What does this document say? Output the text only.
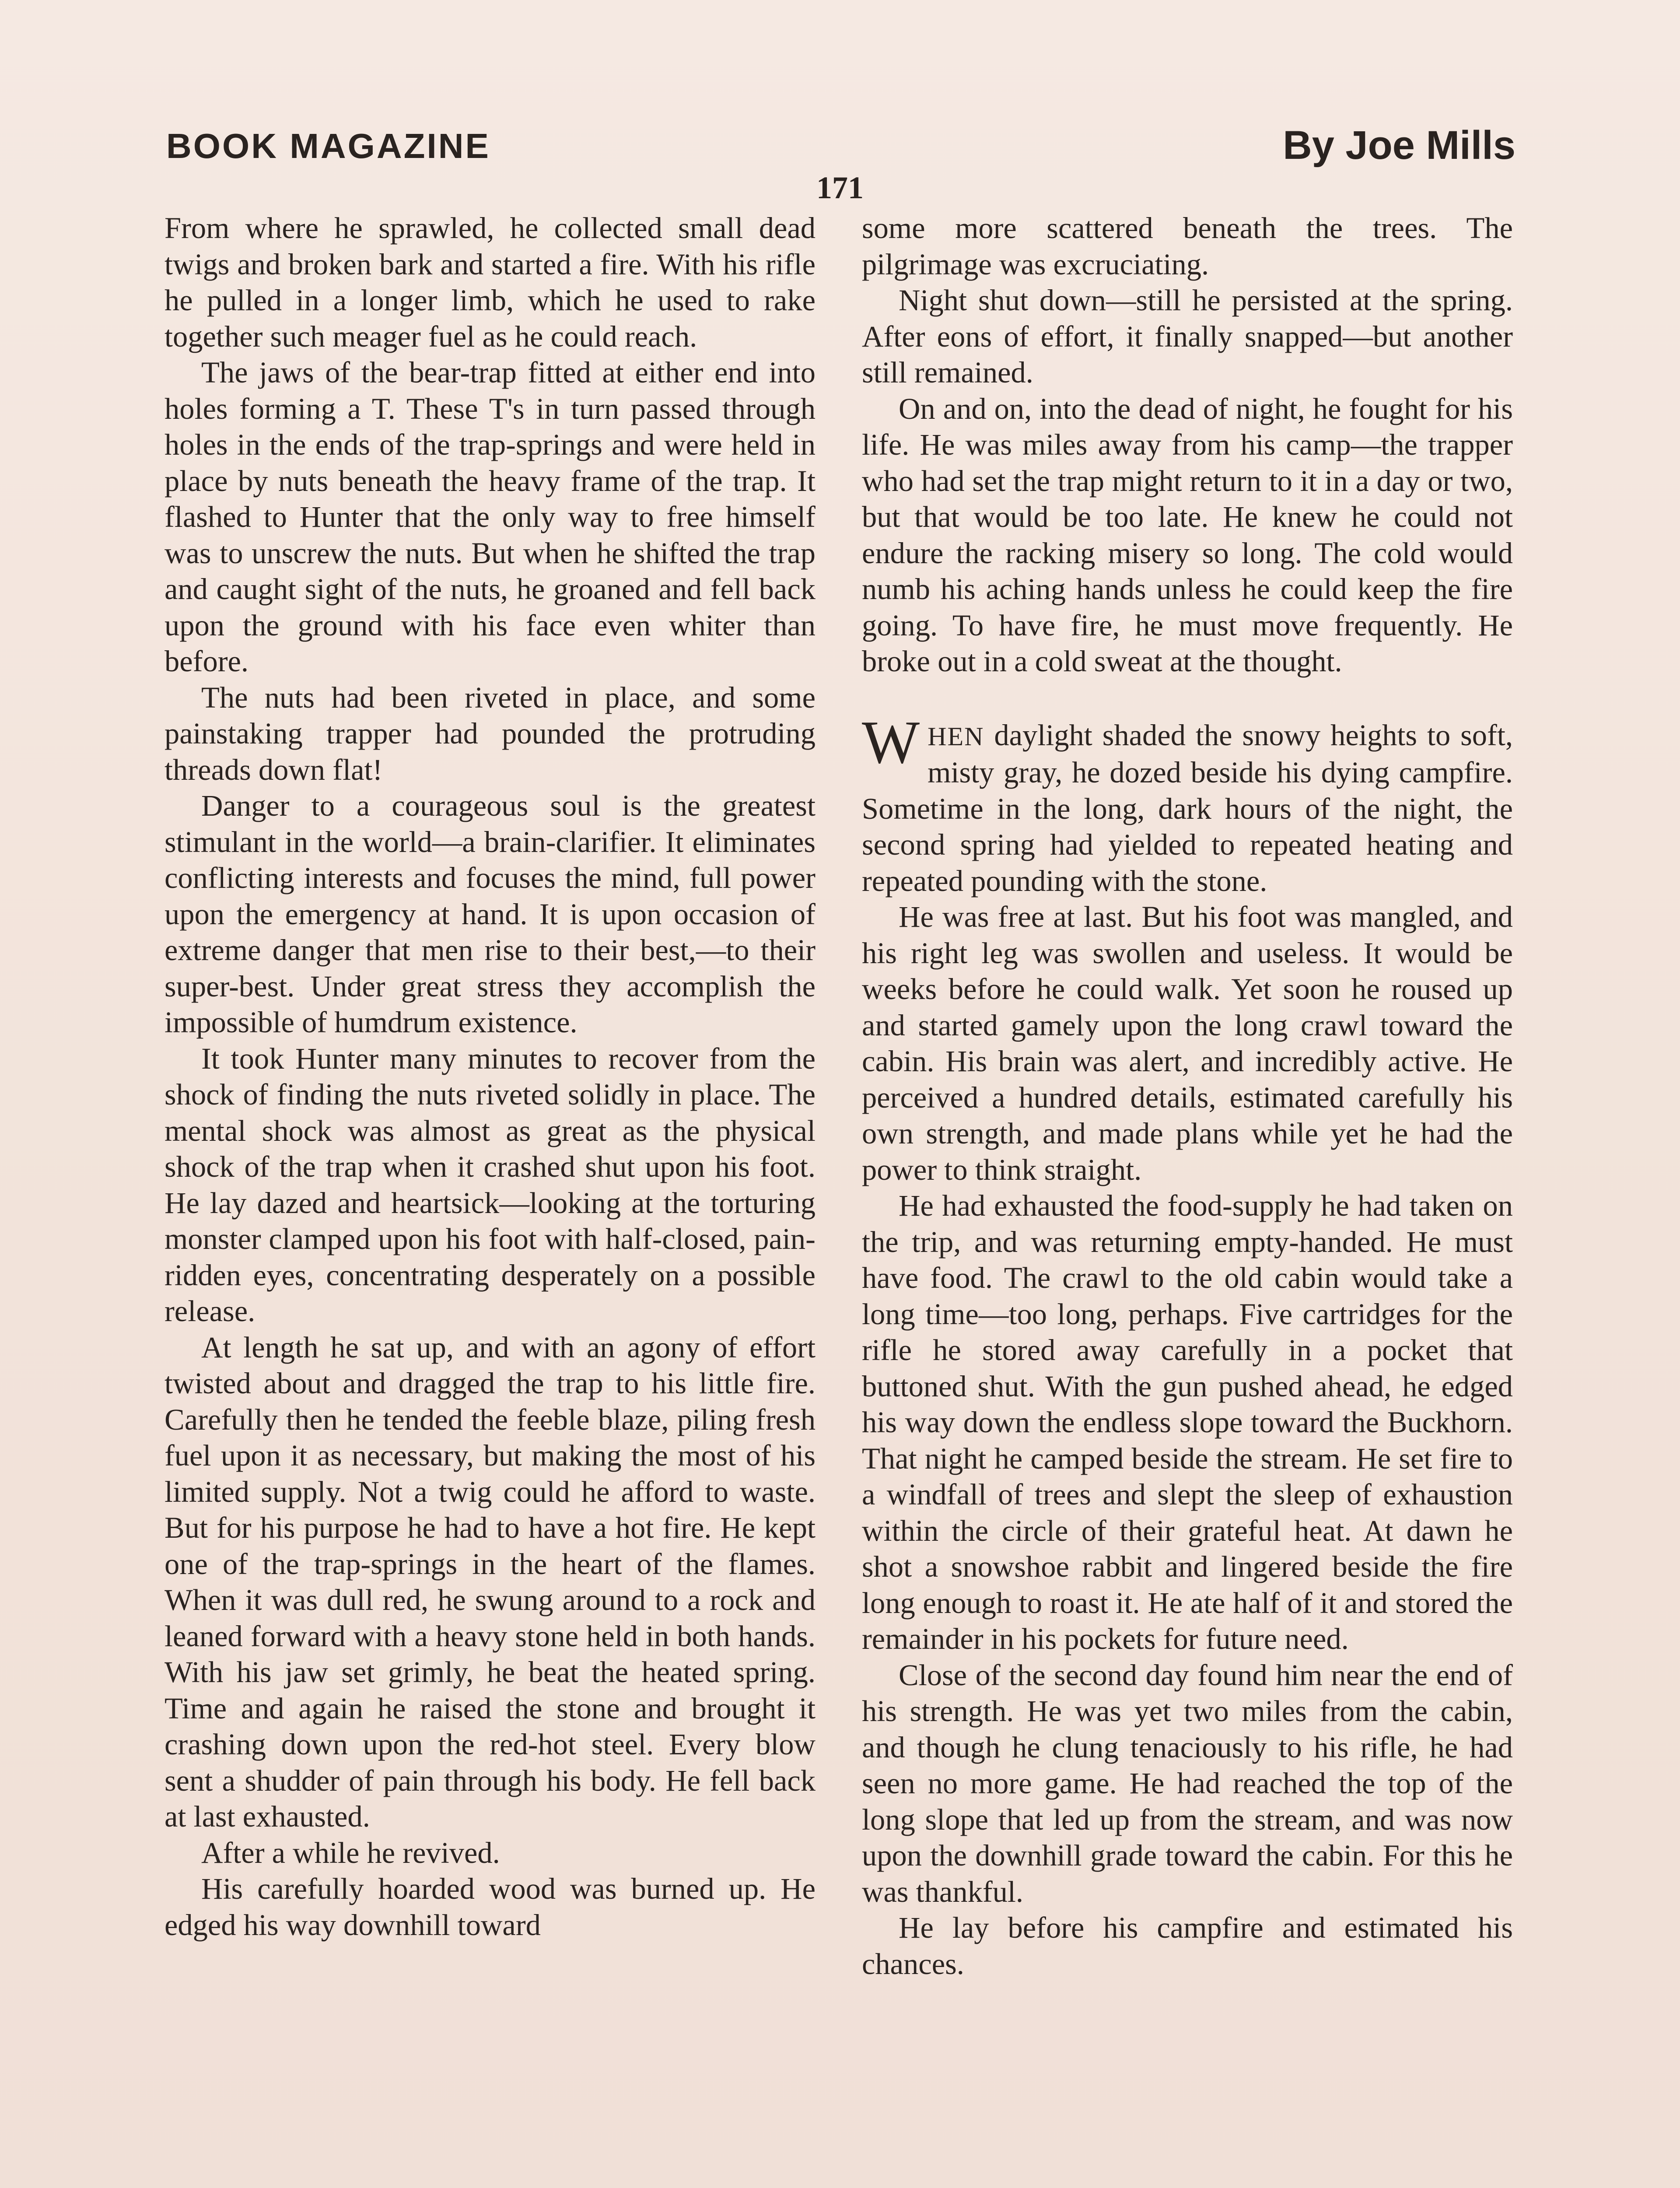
BOOK MAGAZINE	By Joe Mills
171

From where he sprawled, he collected small dead twigs and broken bark and started a fire. With his rifle he pulled in a longer limb, which he used to rake together such meager fuel as he could reach.

The jaws of the bear-trap fitted at either end into holes forming a T. These T's in turn passed through holes in the ends of the trap-springs and were held in place by nuts beneath the heavy frame of the trap. It flashed to Hunter that the only way to free himself was to unscrew the nuts. But when he shifted the trap and caught sight of the nuts, he groaned and fell back upon the ground with his face even whiter than before.

The nuts had been riveted in place, and some painstaking trapper had pounded the protruding threads down flat!

Danger to a courageous soul is the greatest stimulant in the world—a brain-clarifier. It eliminates conflicting interests and focuses the mind, full power upon the emergency at hand. It is upon occasion of extreme danger that men rise to their best,—to their super-best. Under great stress they accomplish the impossible of humdrum existence.

It took Hunter many minutes to recover from the shock of finding the nuts riveted solidly in place. The mental shock was almost as great as the physical shock of the trap when it crashed shut upon his foot. He lay dazed and heartsick—looking at the torturing monster clamped upon his foot with half-closed, pain-ridden eyes, concentrating desperately on a possible release.

At length he sat up, and with an agony of effort twisted about and dragged the trap to his little fire. Carefully then he tended the feeble blaze, piling fresh fuel upon it as necessary, but making the most of his limited supply. Not a twig could he afford to waste. But for his purpose he had to have a hot fire. He kept one of the trap-springs in the heart of the flames. When it was dull red, he swung around to a rock and leaned forward with a heavy stone held in both hands. With his jaw set grimly, he beat the heated spring. Time and again he raised the stone and brought it crashing down upon the red-hot steel. Every blow sent a shudder of pain through his body. He fell back at last exhausted.

After a while he revived.

His carefully hoarded wood was burned up. He edged his way downhill toward

some more scattered beneath the trees. The pilgrimage was excruciating.

Night shut down—still he persisted at the spring. After eons of effort, it finally snapped—but another still remained.

On and on, into the dead of night, he fought for his life. He was miles away from his camp—the trapper who had set the trap might return to it in a day or two, but that would be too late. He knew he could not endure the racking misery so long. The cold would numb his aching hands unless he could keep the fire going. To have fire, he must move frequently. He broke out in a cold sweat at the thought.

WHEN daylight shaded the snowy heights to soft, misty gray, he dozed beside his dying campfire. Sometime in the long, dark hours of the night, the second spring had yielded to repeated heating and repeated pounding with the stone.

He was free at last. But his foot was mangled, and his right leg was swollen and useless. It would be weeks before he could walk. Yet soon he roused up and started gamely upon the long crawl toward the cabin. His brain was alert, and incredibly active. He perceived a hundred details, estimated carefully his own strength, and made plans while yet he had the power to think straight.

He had exhausted the food-supply he had taken on the trip, and was returning empty-handed. He must have food. The crawl to the old cabin would take a long time—too long, perhaps. Five cartridges for the rifle he stored away carefully in a pocket that buttoned shut. With the gun pushed ahead, he edged his way down the endless slope toward the Buckhorn. That night he camped beside the stream. He set fire to a windfall of trees and slept the sleep of exhaustion within the circle of their grateful heat. At dawn he shot a snowshoe rabbit and lingered beside the fire long enough to roast it. He ate half of it and stored the remainder in his pockets for future need.

Close of the second day found him near the end of his strength. He was yet two miles from the cabin, and though he clung tenaciously to his rifle, he had seen no more game. He had reached the top of the long slope that led up from the stream, and was now upon the downhill grade toward the cabin. For this he was thankful.

He lay before his campfire and estimated his chances.
